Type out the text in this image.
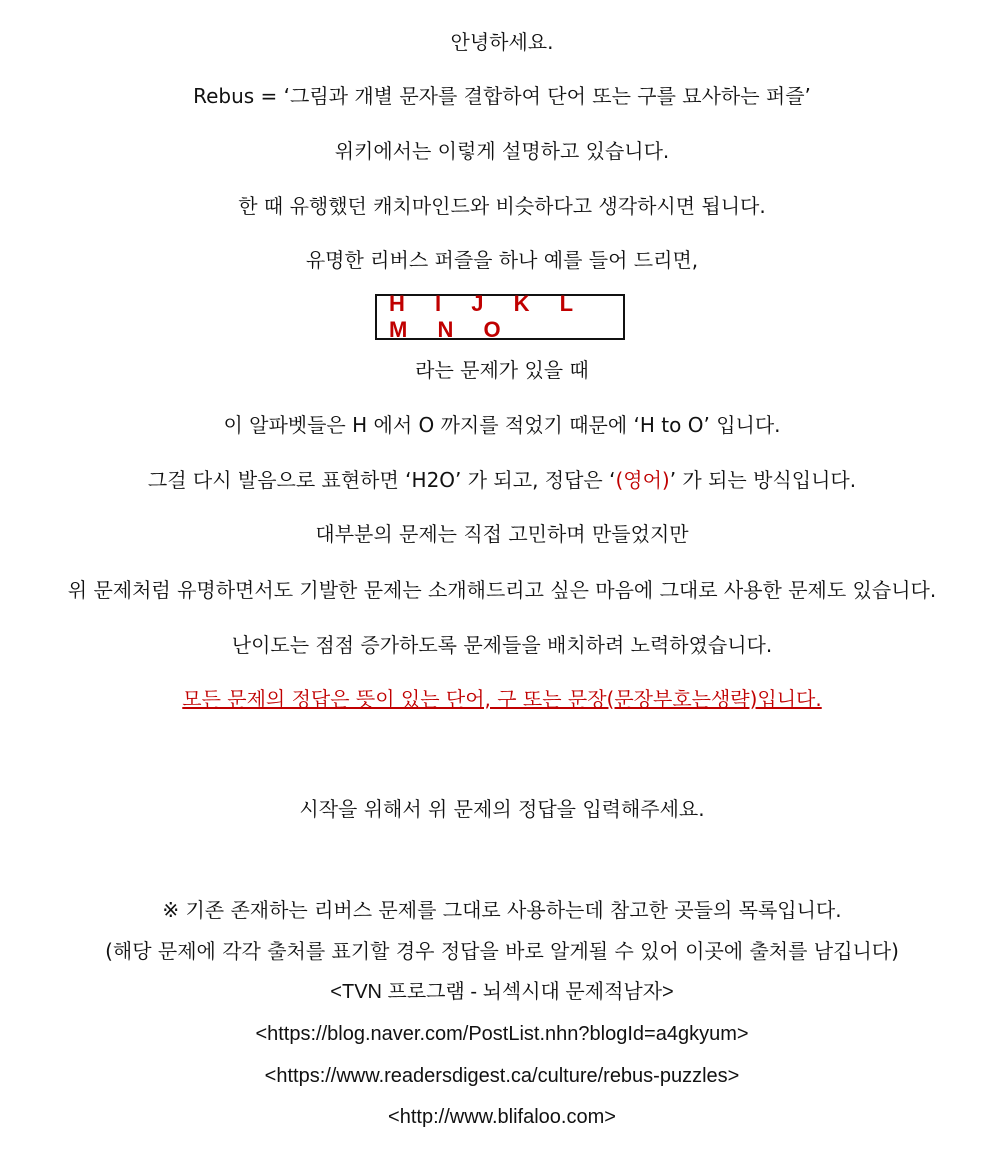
안녕하세요.
Rebus = ‘그림과 개별 문자를 결합하여 단어 또는 구를 묘사하는 퍼즐’
위키에서는 이렇게 설명하고 있습니다.
한 때 유행했던 캐치마인드와 비슷하다고 생각하시면 됩니다.
유명한 리버스 퍼즐을 하나 예를 들어 드리면,
H I J K L M N O
라는 문제가 있을 때
이 알파벳들은 H 에서 O 까지를 적었기 때문에 ‘H to O’ 입니다.
그걸 다시 발음으로 표현하면 ‘H2O’ 가 되고, 정답은 ‘(영어)’ 가 되는 방식입니다.
대부분의 문제는 직접 고민하며 만들었지만
위 문제처럼 유명하면서도 기발한 문제는 소개해드리고 싶은 마음에 그대로 사용한 문제도 있습니다.
난이도는 점점 증가하도록 문제들을 배치하려 노력하였습니다.
모든 문제의 정답은 뜻이 있는 단어, 구 또는 문장(문장부호는생략)입니다.
시작을 위해서 위 문제의 정답을 입력해주세요.
※ 기존 존재하는 리버스 문제를 그대로 사용하는데 참고한 곳들의 목록입니다.
(해당 문제에 각각 출처를 표기할 경우 정답을 바로 알게될 수 있어 이곳에 출처를 남깁니다)
<TVN 프로그램 - 뇌섹시대 문제적남자>
<https://blog.naver.com/PostList.nhn?blogId=a4gkyum>
<https://www.readersdigest.ca/culture/rebus-puzzles>
<http://www.blifaloo.com>
